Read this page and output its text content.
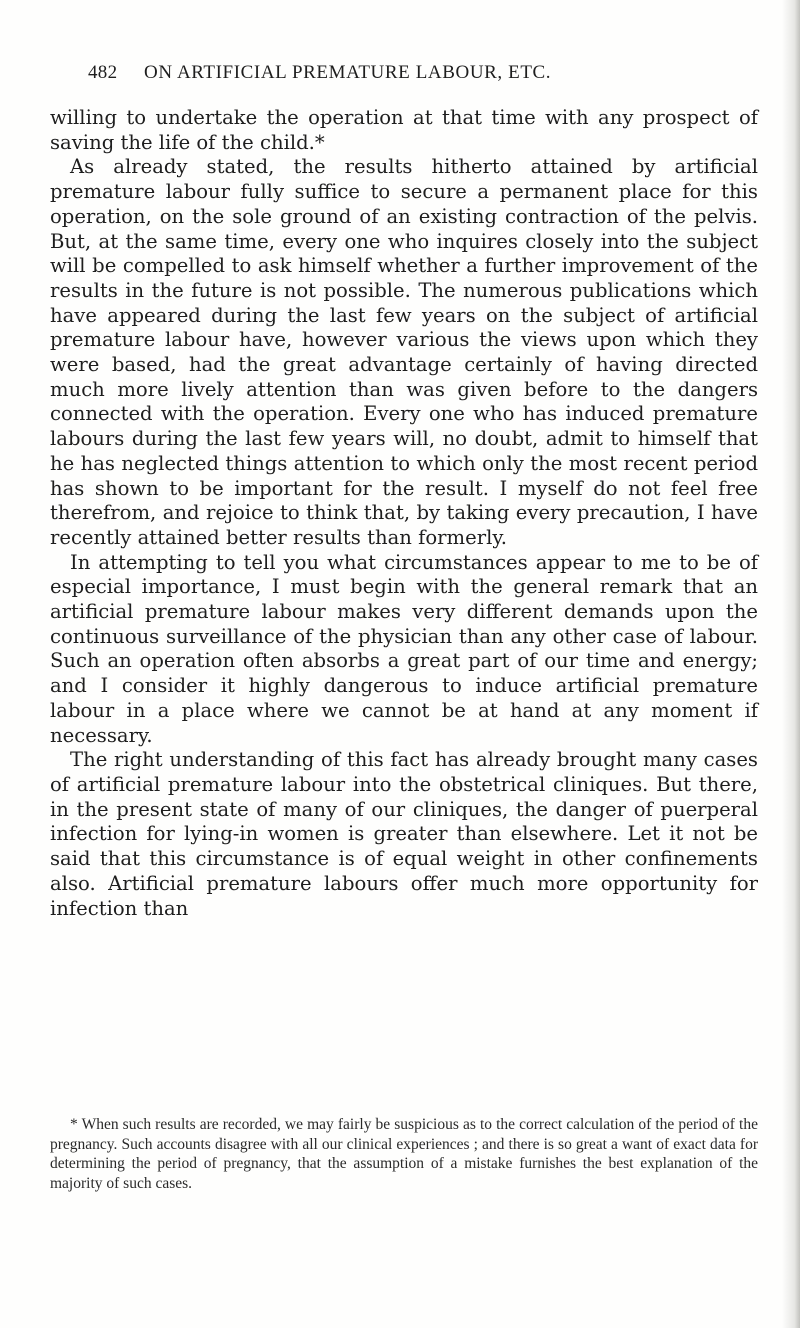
482 ON ARTIFICIAL PREMATURE LABOUR, ETC.

willing to undertake the operation at that time with any prospect of saving the life of the child.*

As already stated, the results hitherto attained by artificial premature labour fully suffice to secure a permanent place for this operation, on the sole ground of an existing contraction of the pelvis. But, at the same time, every one who inquires closely into the subject will be compelled to ask himself whether a further improvement of the results in the future is not possible. The numerous publications which have appeared during the last few years on the subject of artificial premature labour have, however various the views upon which they were based, had the great advantage certainly of having directed much more lively attention than was given before to the dangers connected with the operation. Every one who has induced premature labours during the last few years will, no doubt, admit to himself that he has neglected things attention to which only the most recent period has shown to be important for the result. I myself do not feel free therefrom, and rejoice to think that, by taking every precaution, I have recently attained better results than formerly.

In attempting to tell you what circumstances appear to me to be of especial importance, I must begin with the general remark that an artificial premature labour makes very different demands upon the continuous surveillance of the physician than any other case of labour. Such an operation often absorbs a great part of our time and energy; and I consider it highly dangerous to induce artificial premature labour in a place where we cannot be at hand at any moment if necessary.

The right understanding of this fact has already brought many cases of artificial premature labour into the obstetrical cliniques. But there, in the present state of many of our cliniques, the danger of puerperal infection for lying-in women is greater than elsewhere. Let it not be said that this circumstance is of equal weight in other confinements also. Artificial premature labours offer much more opportunity for infection than

* When such results are recorded, we may fairly be suspicious as to the correct calculation of the period of the pregnancy. Such accounts disagree with all our clinical experiences ; and there is so great a want of exact data for determining the period of pregnancy, that the assumption of a mistake furnishes the best explanation of the majority of such cases.
